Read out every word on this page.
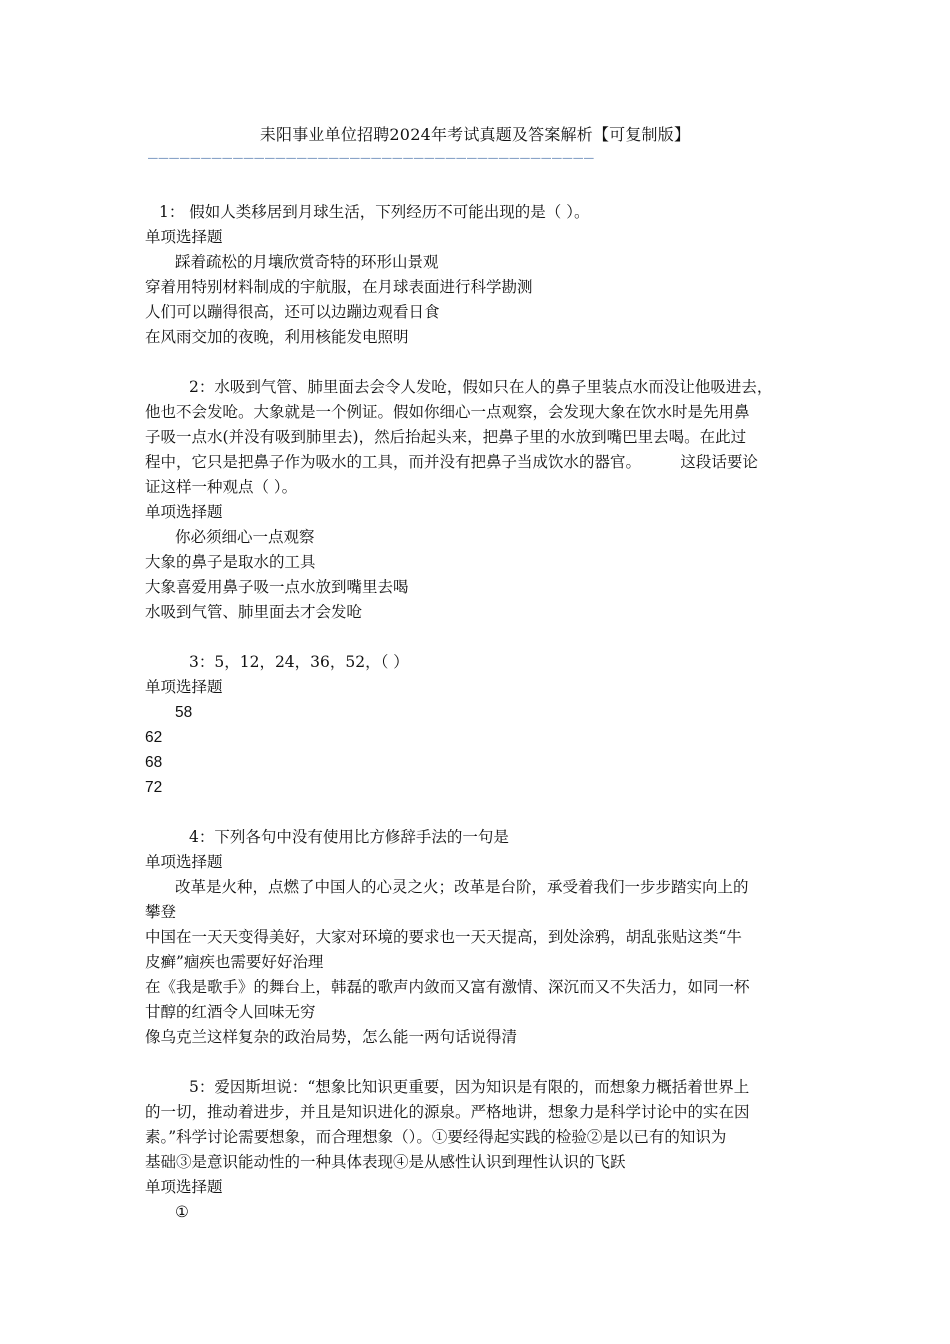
耒阳事业单位招聘2024年考试真题及答案解析【可复制版】
——————————————————————————————————————————

1： 假如人类移居到月球生活，下列经历不可能出现的是（ ）。

单项选择题

踩着疏松的月壤欣赏奇特的环形山景观

穿着用特别材料制成的宇航服，在月球表面进行科学勘测

人们可以蹦得很高，还可以边蹦边观看日食

在风雨交加的夜晚，利用核能发电照明

2：水吸到气管、肺里面去会令人发呛，假如只在人的鼻子里装点水而没让他吸进去，

他也不会发呛。大象就是一个例证。假如你细心一点观察，会发现大象在饮水时是先用鼻

子吸一点水(并没有吸到肺里去)，然后抬起头来，把鼻子里的水放到嘴巴里去喝。在此过

程中，它只是把鼻子作为吸水的工具，而并没有把鼻子当成饮水的器官。        这段话要论

证这样一种观点（ ）。

单项选择题

你必须细心一点观察

大象的鼻子是取水的工具

大象喜爱用鼻子吸一点水放到嘴里去喝

水吸到气管、肺里面去才会发呛

3：5，12，24，36，52，（ ）

单项选择题

58

62

68

72

4：下列各句中没有使用比方修辞手法的一句是

单项选择题

改革是火种，点燃了中国人的心灵之火；改革是台阶，承受着我们一步步踏实向上的

攀登

中国在一天天变得美好，大家对环境的要求也一天天提高，到处涂鸦，胡乱张贴这类“牛

皮癣”痼疾也需要好好治理

在《我是歌手》的舞台上，韩磊的歌声内敛而又富有激情、深沉而又不失活力，如同一杯

甘醇的红酒令人回味无穷

像乌克兰这样复杂的政治局势，怎么能一两句话说得清

5：爱因斯坦说：“想象比知识更重要，因为知识是有限的，而想象力概括着世界上

的一切，推动着进步，并且是知识进化的源泉。严格地讲，想象力是科学讨论中的实在因

素。”科学讨论需要想象，而合理想象（）。①要经得起实践的检验②是以已有的知识为

基础③是意识能动性的一种具体表现④是从感性认识到理性认识的飞跃

单项选择题

①
